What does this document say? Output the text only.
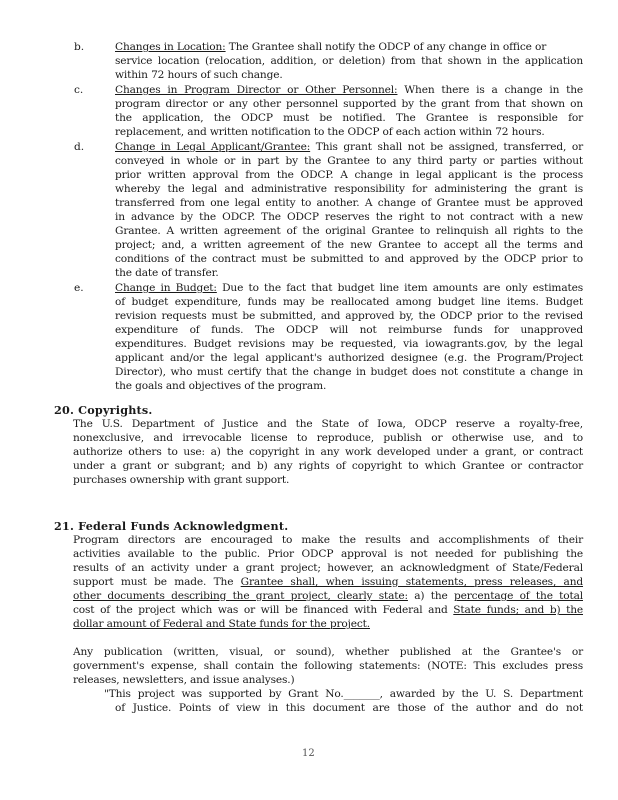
b.	Changes in Location: The Grantee shall notify the ODCP of any change in office or
service location (relocation, addition, or deletion) from that shown in the application
within 72 hours of such change.
c.	Changes in Program Director or Other Personnel: When there is a change in the
program director or any other personnel supported by the grant from that shown on
the application, the ODCP must be notified. The Grantee is responsible for
replacement, and written notification to the ODCP of each action within 72 hours.
d.	Change in Legal Applicant/Grantee: This grant shall not be assigned, transferred, or
conveyed in whole or in part by the Grantee to any third party or parties without
prior written approval from the ODCP. A change in legal applicant is the process
whereby the legal and administrative responsibility for administering the grant is
transferred from one legal entity to another. A change of Grantee must be approved
in advance by the ODCP. The ODCP reserves the right to not contract with a new
Grantee. A written agreement of the original Grantee to relinquish all rights to the
project; and, a written agreement of the new Grantee to accept all the terms and
conditions of the contract must be submitted to and approved by the ODCP prior to
the date of transfer.
e.	Change in Budget: Due to the fact that budget line item amounts are only estimates
of budget expenditure, funds may be reallocated among budget line items. Budget
revision requests must be submitted, and approved by, the ODCP prior to the revised
expenditure of funds. The ODCP will not reimburse funds for unapproved
expenditures. Budget revisions may be requested, via iowagrants.gov, by the legal
applicant and/or the legal applicant's authorized designee (e.g. the Program/Project
Director), who must certify that the change in budget does not constitute a change in
the goals and objectives of the program.
20. Copyrights.
The U.S. Department of Justice and the State of Iowa, ODCP reserve a royalty-free,
nonexclusive, and irrevocable license to reproduce, publish or otherwise use, and to
authorize others to use: a) the copyright in any work developed under a grant, or contract
under a grant or subgrant; and b) any rights of copyright to which Grantee or contractor
purchases ownership with grant support.
21. Federal Funds Acknowledgment.
Program directors are encouraged to make the results and accomplishments of their
activities available to the public. Prior ODCP approval is not needed for publishing the
results of an activity under a grant project; however, an acknowledgment of State/Federal
support must be made. The Grantee shall, when issuing statements, press releases, and
other documents describing the grant project, clearly state: a) the percentage of the total
cost of the project which was or will be financed with Federal and State funds; and b) the
dollar amount of Federal and State funds for the project.
Any publication (written, visual, or sound), whether published at the Grantee's or
government's expense, shall contain the following statements: (NOTE: This excludes press
releases, newsletters, and issue analyses.)
"This project was supported by Grant No._______, awarded by the U. S. Department
of Justice. Points of view in this document are those of the author and do not
12
